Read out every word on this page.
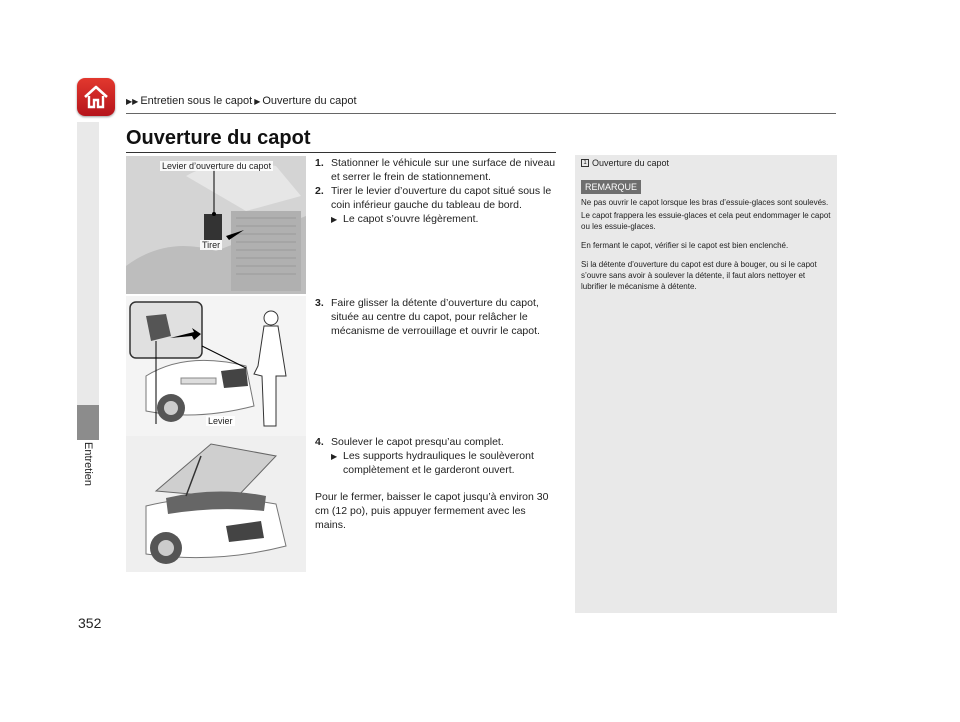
▶▶ Entretien sous le capot ▶ Ouverture du capot
Ouverture du capot
Entretien
352
Levier d’ouverture du capot
Tirer
Levier
1. Stationner le véhicule sur une surface de niveau et serrer le frein de stationnement.
2. Tirer le levier d’ouverture du capot situé sous le coin inférieur gauche du tableau de bord.
▶ Le capot s’ouvre légèrement.
3. Faire glisser la détente d’ouverture du capot, située au centre du capot, pour relâcher le mécanisme de verrouillage et ouvrir le capot.
4. Soulever le capot presqu’au complet.
▶ Les supports hydrauliques le soulèveront complètement et le garderont ouvert.
Pour le fermer, baisser le capot jusqu’à environ 30 cm (12 po), puis appuyer fermement avec les mains.
1 Ouverture du capot
REMARQUE

Ne pas ouvrir le capot lorsque les bras d’essuie-glaces sont soulevés.

Le capot frappera les essuie-glaces et cela peut endommager le capot ou les essuie-glaces.

En fermant le capot, vérifier si le capot est bien enclenché.

Si la détente d’ouverture du capot est dure à bouger, ou si le capot s’ouvre sans avoir à soulever la détente, il faut alors nettoyer et lubrifier le mécanisme à détente.
